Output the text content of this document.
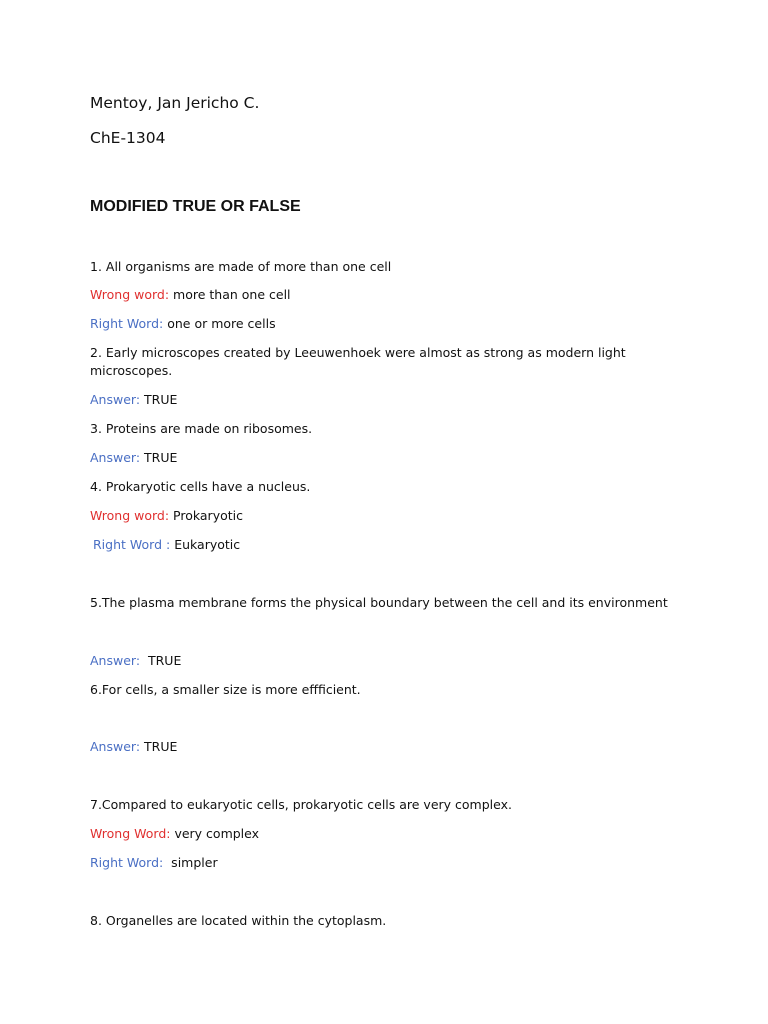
Mentoy, Jan Jericho C.
ChE-1304
MODIFIED TRUE OR FALSE
1. All organisms are made of more than one cell
Wrong word: more than one cell
Right Word: one or more cells
2. Early microscopes created by Leeuwenhoek were almost as strong as modern light microscopes.
Answer: TRUE
3. Proteins are made on ribosomes.
Answer: TRUE
4. Prokaryotic cells have a nucleus.
Wrong word: Prokaryotic
Right Word : Eukaryotic
5.The plasma membrane forms the physical boundary between the cell and its environment
Answer:  TRUE
6.For cells, a smaller size is more effficient.
Answer: TRUE
7.Compared to eukaryotic cells, prokaryotic cells are very complex.
Wrong Word: very complex
Right Word:  simpler
8. Organelles are located within the cytoplasm.
